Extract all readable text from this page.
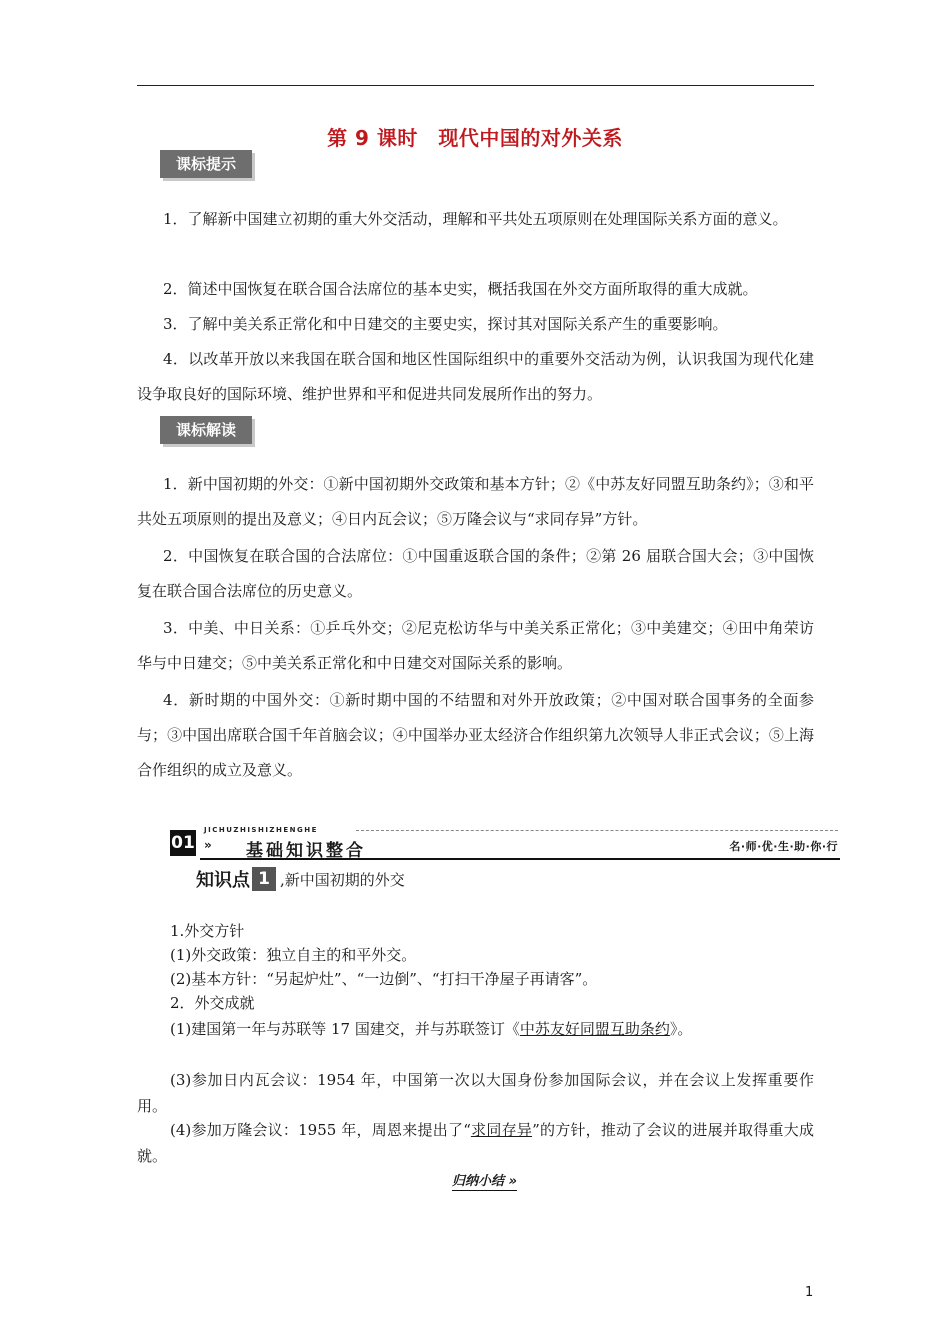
第 9 课时　现代中国的对外关系
课标提示
1．了解新中国建立初期的重大外交活动，理解和平共处五项原则在处理国际关系方面的意义。
2．简述中国恢复在联合国合法席位的基本史实，概括我国在外交方面所取得的重大成就。
3．了解中美关系正常化和中日建交的主要史实，探讨其对国际关系产生的重要影响。
4．以改革开放以来我国在联合国和地区性国际组织中的重要外交活动为例，认识我国为现代化建设争取良好的国际环境、维护世界和平和促进共同发展所作出的努力。
课标解读
1．新中国初期的外交：①新中国初期外交政策和基本方针；②《中苏友好同盟互助条约》；③和平共处五项原则的提出及意义；④日内瓦会议；⑤万隆会议与“求同存异”方针。
2．中国恢复在联合国的合法席位：①中国重返联合国的条件；②第 26 届联合国大会；③中国恢复在联合国合法席位的历史意义。
3．中美、中日关系：①乒乓外交；②尼克松访华与中美关系正常化；③中美建交；④田中角荣访华与中日建交；⑤中美关系正常化和中日建交对国际关系的影响。
4．新时期的中国外交：①新时期中国的不结盟和对外开放政策；②中国对联合国事务的全面参与；③中国出席联合国千年首脑会议；④中国举办亚太经济合作组织第九次领导人非正式会议；⑤上海合作组织的成立及意义。
01
JICHUZHISHIZHENGHE
» 基础知识整合	名·师·优·生·助·你·行
知识点 1 ,新中国初期的外交
1.外交方针
(1)外交政策：独立自主的和平外交。
(2)基本方针：“另起炉灶”、“一边倒”、“打扫干净屋子再请客”。
2．外交成就
(1)建国第一年与苏联等 17 国建交，并与苏联签订《中苏友好同盟互助条约》。
(3)参加日内瓦会议：1954 年，中国第一次以大国身份参加国际会议，并在会议上发挥重要作用。
(4)参加万隆会议：1955 年，周恩来提出了“求同存异”的方针，推动了会议的进展并取得重大成就。
归纳小结 »
1
